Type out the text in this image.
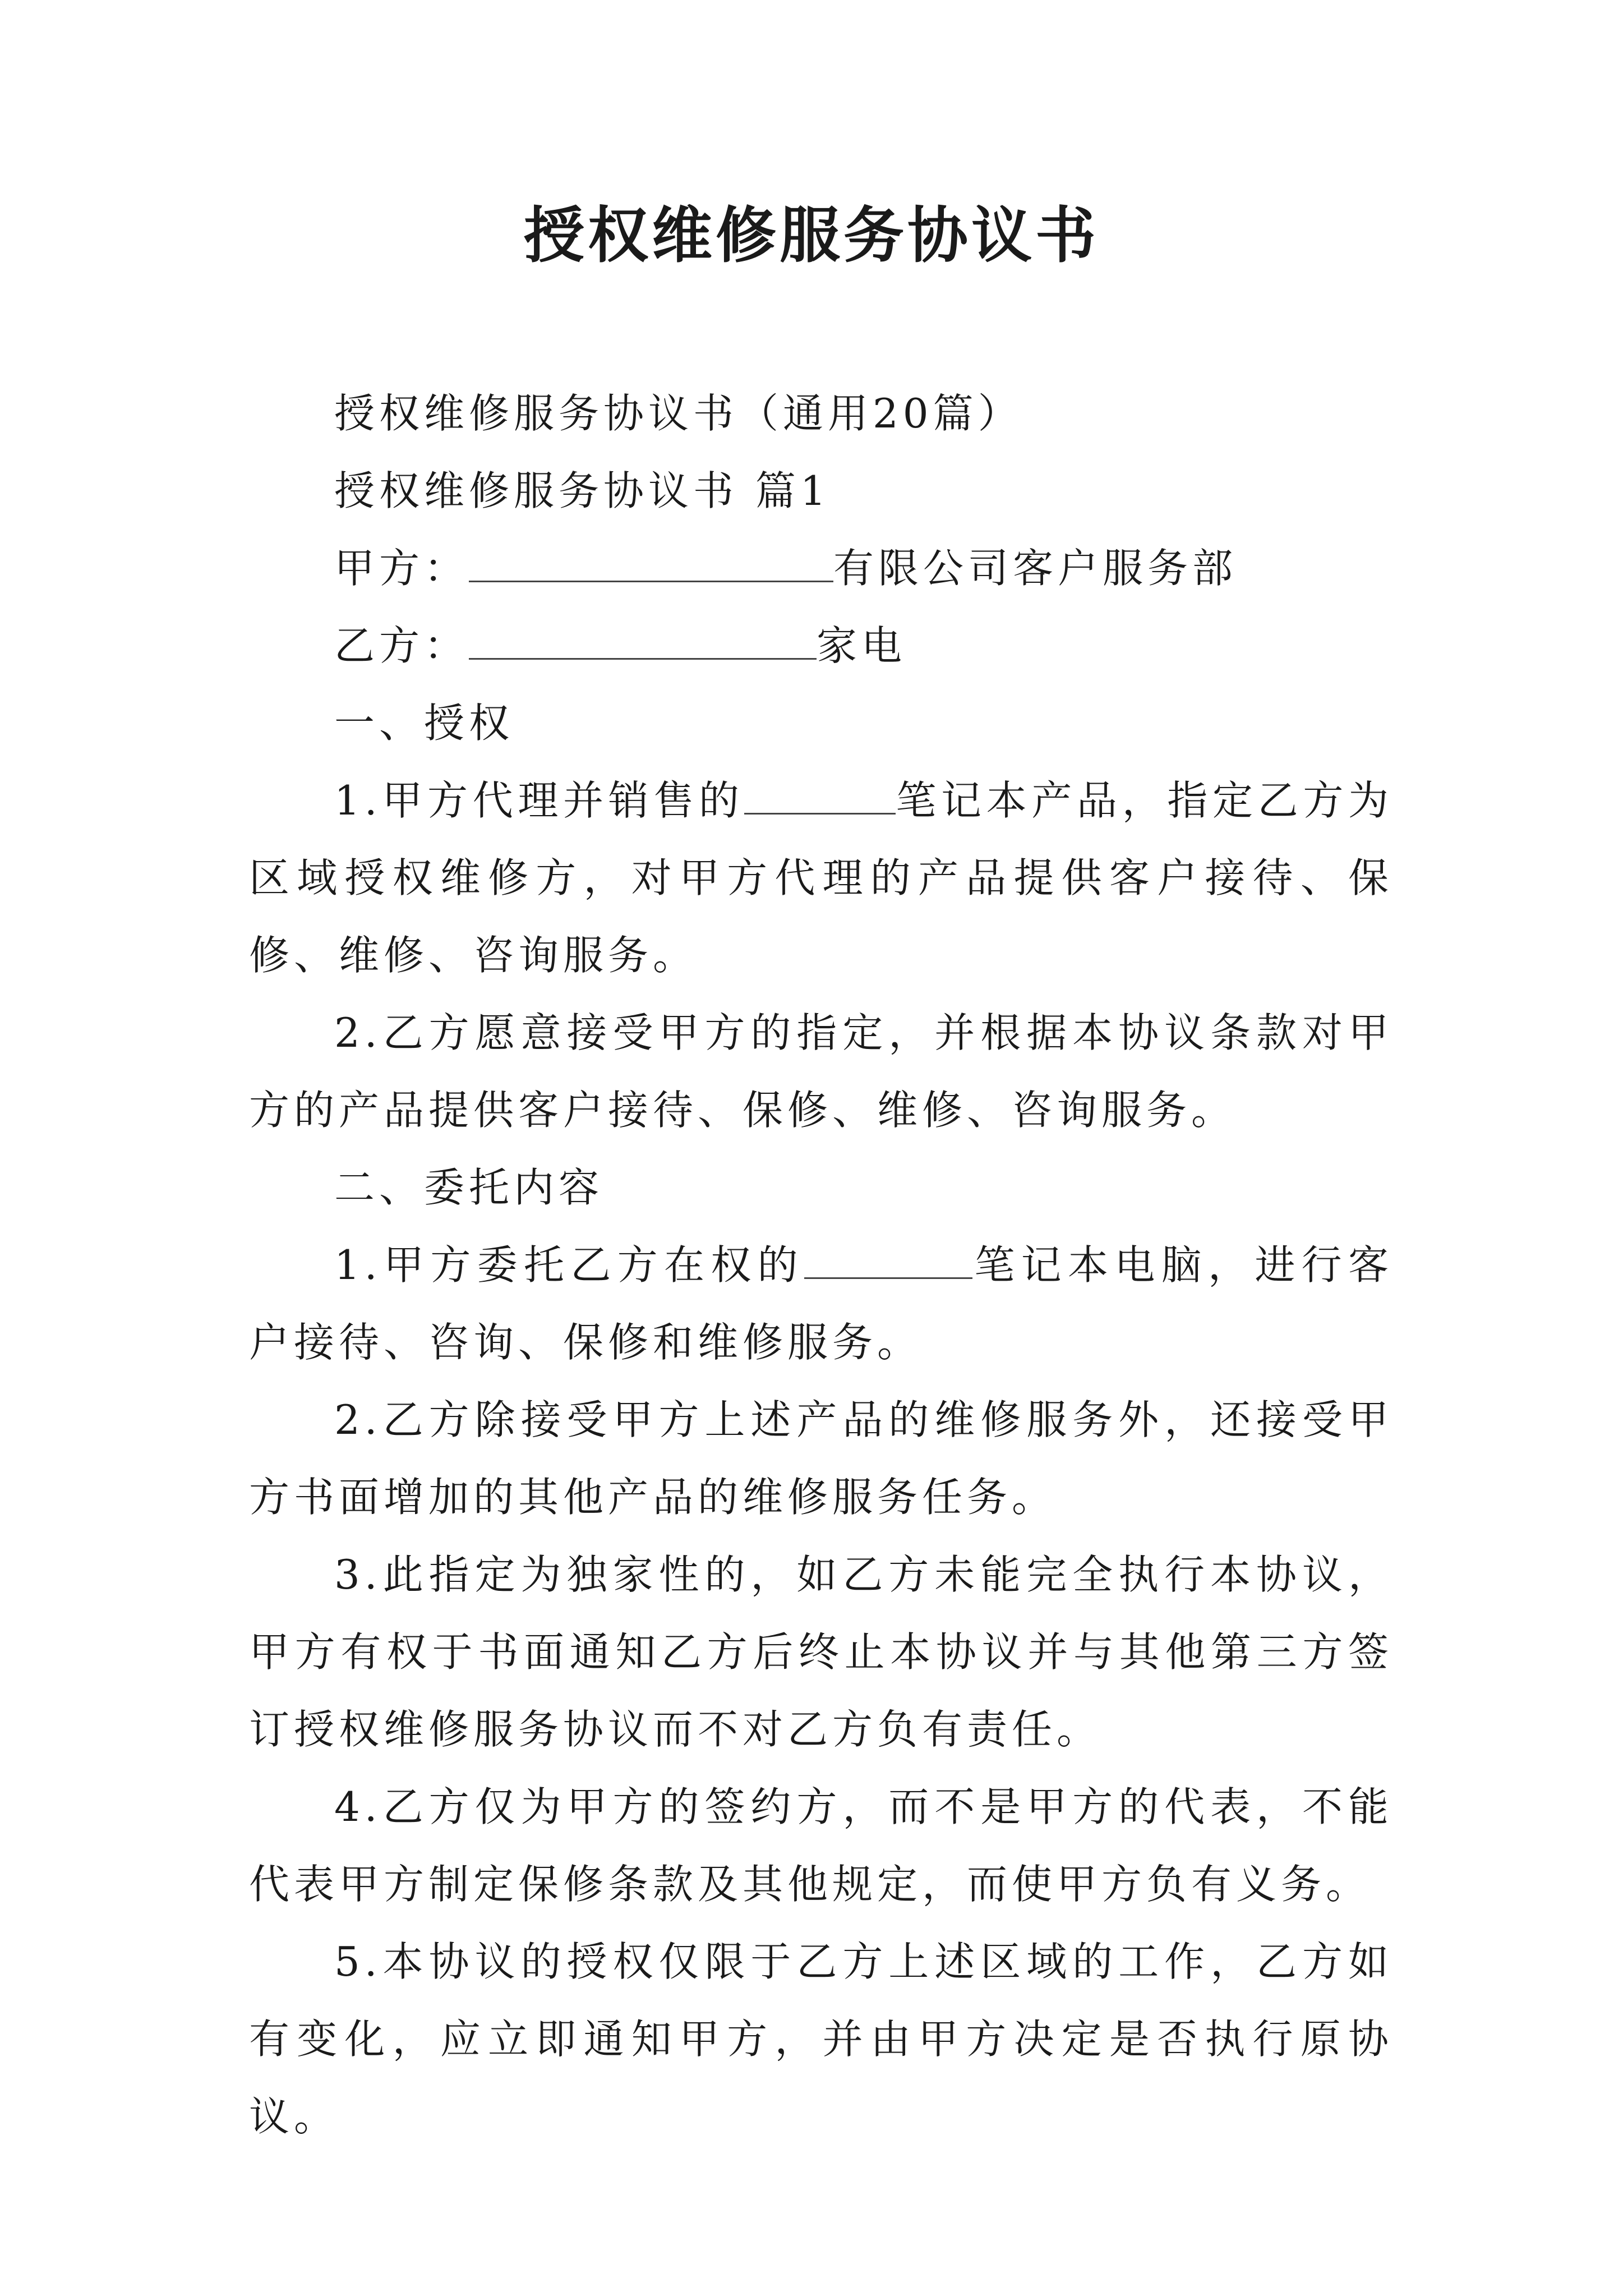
授权维修服务协议书

授权维修服务协议书（通用20篇）

授权维修服务协议书 篇1

甲方：	有限公司客户服务部

乙方：	家电

一、授权

1.甲方代理并销售的	笔记本产品，指定乙方为区域授权维修方，对甲方代理的产品提供客户接待、保修、维修、咨询服务。

2.乙方愿意接受甲方的指定，并根据本协议条款对甲方的产品提供客户接待、保修、维修、咨询服务。

二、委托内容

1.甲方委托乙方在权的	笔记本电脑，进行客户接待、咨询、保修和维修服务。

2.乙方除接受甲方上述产品的维修服务外，还接受甲方书面增加的其他产品的维修服务任务。

3.此指定为独家性的，如乙方未能完全执行本协议，甲方有权于书面通知乙方后终止本协议并与其他第三方签订授权维修服务协议而不对乙方负有责任。

4.乙方仅为甲方的签约方，而不是甲方的代表，不能代表甲方制定保修条款及其他规定，而使甲方负有义务。

5.本协议的授权仅限于乙方上述区域的工作，乙方如有变化，应立即通知甲方，并由甲方决定是否执行原协议。
